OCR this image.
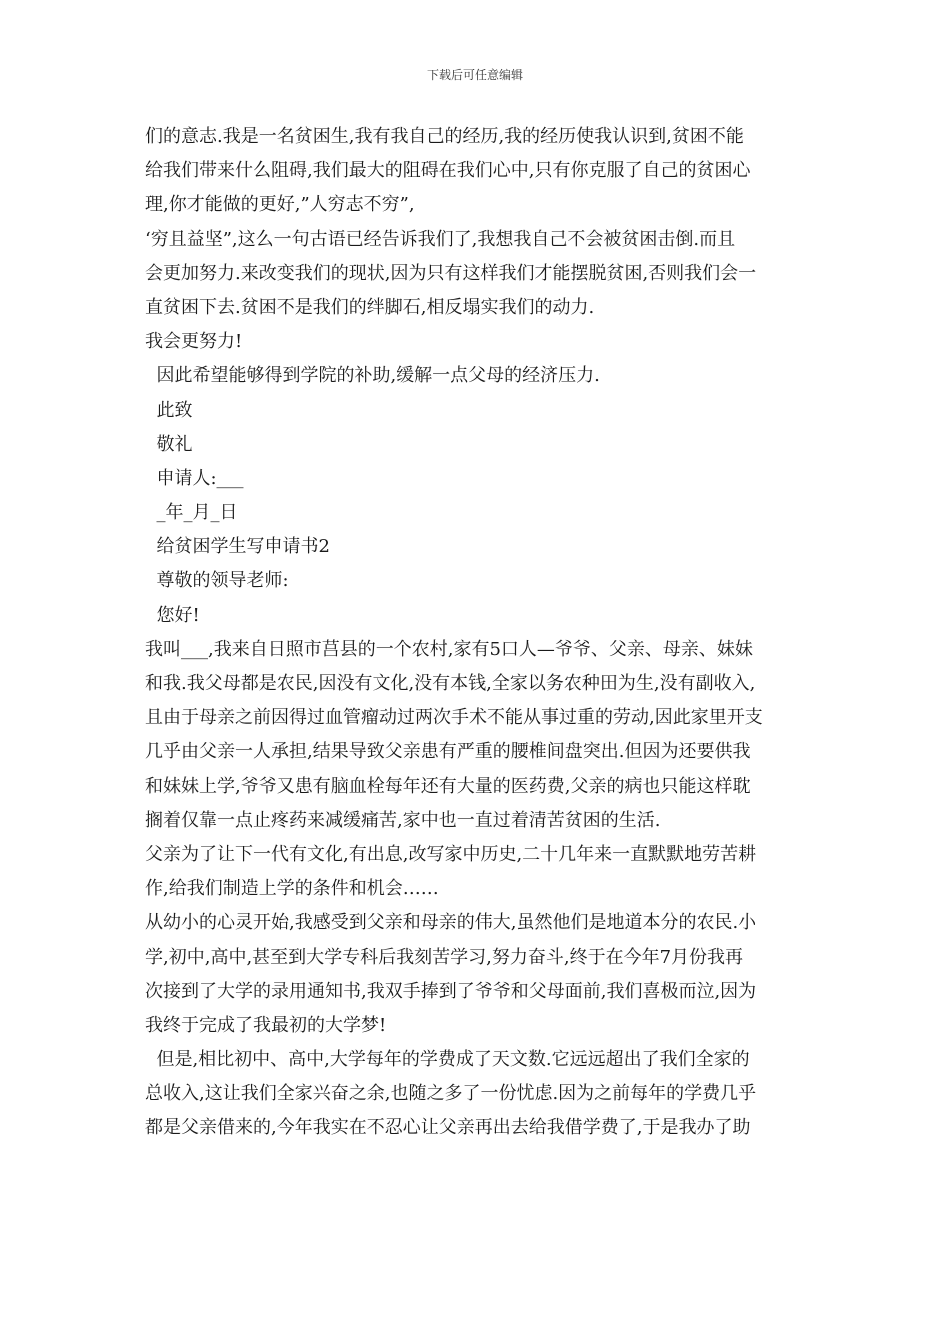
下载后可任意编辑
们的意志.我是一名贫困生,我有我自己的经历,我的经历使我认识到,贫困不能
给我们带来什么阻碍,我们最大的阻碍在我们心中,只有你克服了自己的贫困心
理,你才能做的更好,”人穷志不穷”,
‘穷且益坚”,这么一句古语已经告诉我们了,我想我自己不会被贫困击倒.而且
会更加努力.来改变我们的现状,因为只有这样我们才能摆脱贫困,否则我们会一
直贫困下去.贫困不是我们的绊脚石,相反塌实我们的动力.
我会更努力!
因此希望能够得到学院的补助,缓解一点父母的经济压力.
此致
敬礼
申请人:___
_年_月_日
给贫困学生写申请书2
尊敬的领导老师:
您好!
我叫___,我来自日照市莒县的一个农村,家有5口人—爷爷、父亲、母亲、妹妹
和我.我父母都是农民,因没有文化,没有本钱,全家以务农种田为生,没有副收入,
且由于母亲之前因得过血管瘤动过两次手术不能从事过重的劳动,因此家里开支
几乎由父亲一人承担,结果导致父亲患有严重的腰椎间盘突出.但因为还要供我
和妹妹上学,爷爷又患有脑血栓每年还有大量的医药费,父亲的病也只能这样耽
搁着仅靠一点止疼药来减缓痛苦,家中也一直过着清苦贫困的生活.
父亲为了让下一代有文化,有出息,改写家中历史,二十几年来一直默默地劳苦耕
作,给我们制造上学的条件和机会……
从幼小的心灵开始,我感受到父亲和母亲的伟大,虽然他们是地道本分的农民.小
学,初中,高中,甚至到大学专科后我刻苦学习,努力奋斗,终于在今年7月份我再
次接到了大学的录用通知书,我双手捧到了爷爷和父母面前,我们喜极而泣,因为
我终于完成了我最初的大学梦!
但是,相比初中、高中,大学每年的学费成了天文数.它远远超出了我们全家的
总收入,这让我们全家兴奋之余,也随之多了一份忧虑.因为之前每年的学费几乎
都是父亲借来的,今年我实在不忍心让父亲再出去给我借学费了,于是我办了助
